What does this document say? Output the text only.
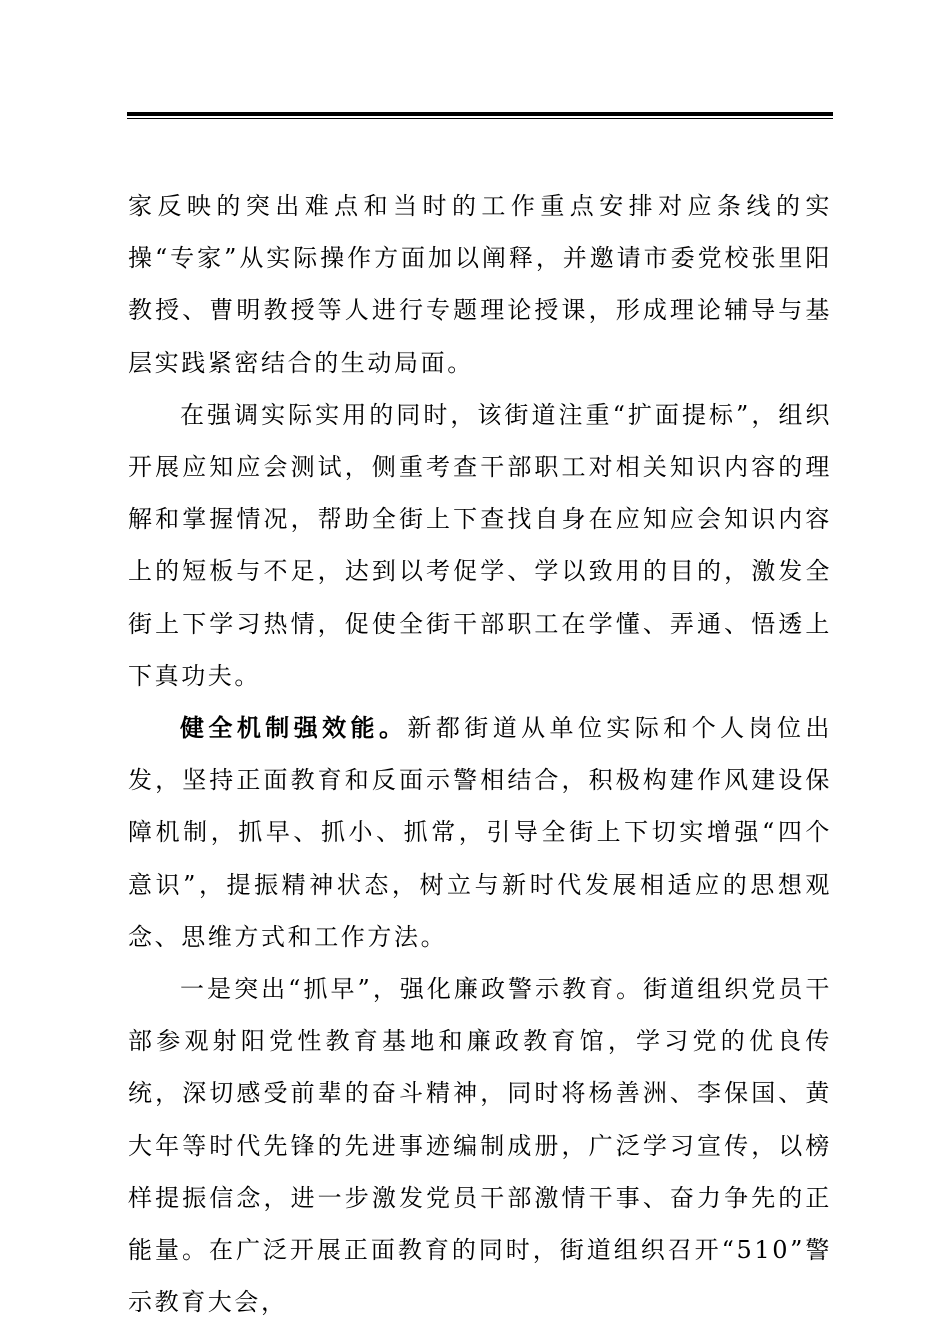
家反映的突出难点和当时的工作重点安排对应条线的实操“专家”从实际操作方面加以阐释，并邀请市委党校张里阳教授、曹明教授等人进行专题理论授课，形成理论辅导与基层实践紧密结合的生动局面。

在强调实际实用的同时，该街道注重“扩面提标”，组织开展应知应会测试，侧重考查干部职工对相关知识内容的理解和掌握情况，帮助全街上下查找自身在应知应会知识内容上的短板与不足，达到以考促学、学以致用的目的，激发全街上下学习热情，促使全街干部职工在学懂、弄通、悟透上下真功夫。

健全机制强效能。新都街道从单位实际和个人岗位出发，坚持正面教育和反面示警相结合，积极构建作风建设保障机制，抓早、抓小、抓常，引导全街上下切实增强“四个意识”，提振精神状态，树立与新时代发展相适应的思想观念、思维方式和工作方法。

一是突出“抓早”，强化廉政警示教育。街道组织党员干部参观射阳党性教育基地和廉政教育馆，学习党的优良传统，深切感受前辈的奋斗精神，同时将杨善洲、李保国、黄大年等时代先锋的先进事迹编制成册，广泛学习宣传，以榜样提振信念，进一步激发党员干部激情干事、奋力争先的正能量。在广泛开展正面教育的同时，街道组织召开“510”警示教育大会，
